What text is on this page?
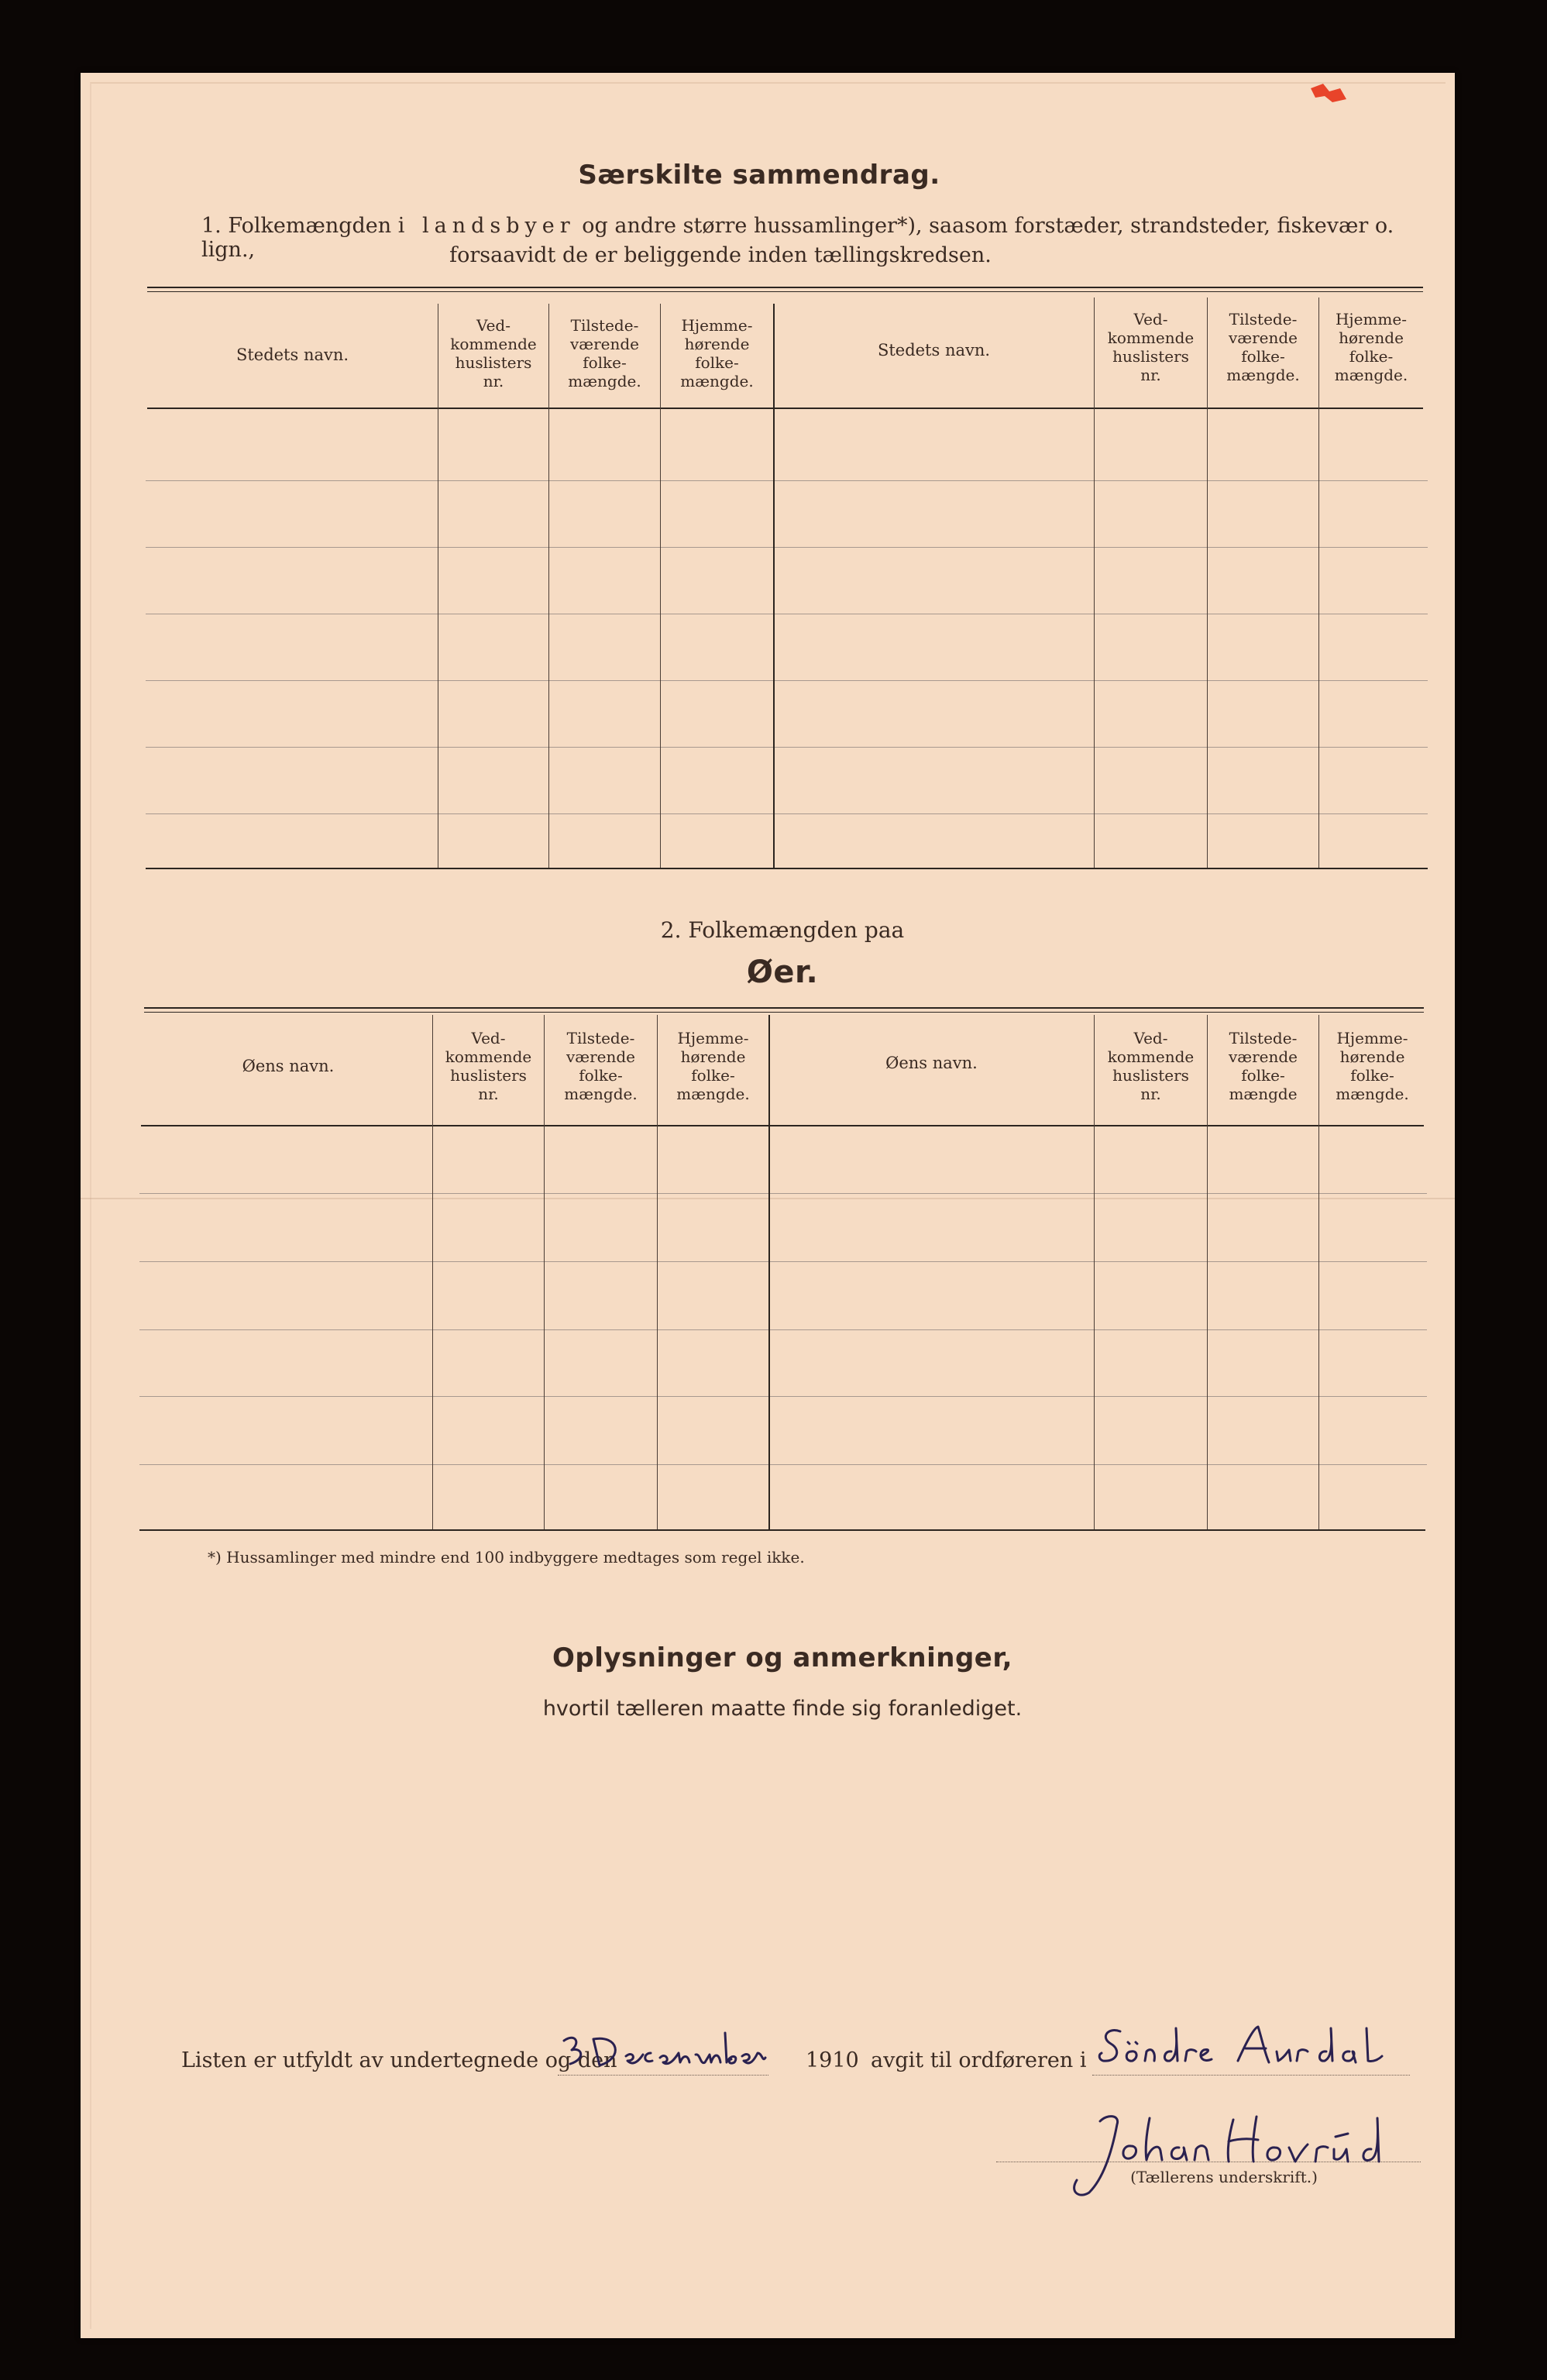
Særskilte sammendrag.
1. Folkemængden i landsbyer og andre større hussamlinger*), saasom forstæder, strandsteder, fiskevær o. lign.,	forsaavidt de er beliggende inden tællingskredsen.
Stedets navn.
Ved-
kommende
huslisters
nr.
Tilstede-
værende
folke-
mængde.
Hjemme-
hørende
folke-
mængde.
Stedets navn.
Ved-
kommende
huslisters
nr.
Tilstede-
værende
folke-
mængde.
Hjemme-
hørende
folke-
mængde.
2. Folkemængden paa
Øer.
Øens navn.
Ved-
kommende
huslisters
nr.
Tilstede-
værende
folke-
mængde.
Hjemme-
hørende
folke-
mængde.
Øens navn.
Ved-
kommende
huslisters
nr.
Tilstede-
værende
folke-
mængde
Hjemme-
hørende
folke-
mængde.
*) Hussamlinger med mindre end 100 indbyggere medtages som regel ikke.
Oplysninger og anmerkninger,
hvortil tælleren maatte finde sig foranlediget.
Listen er utfyldt av undertegnede og den	1910 avgit til ordføreren i
(Tællerens underskrift.)
